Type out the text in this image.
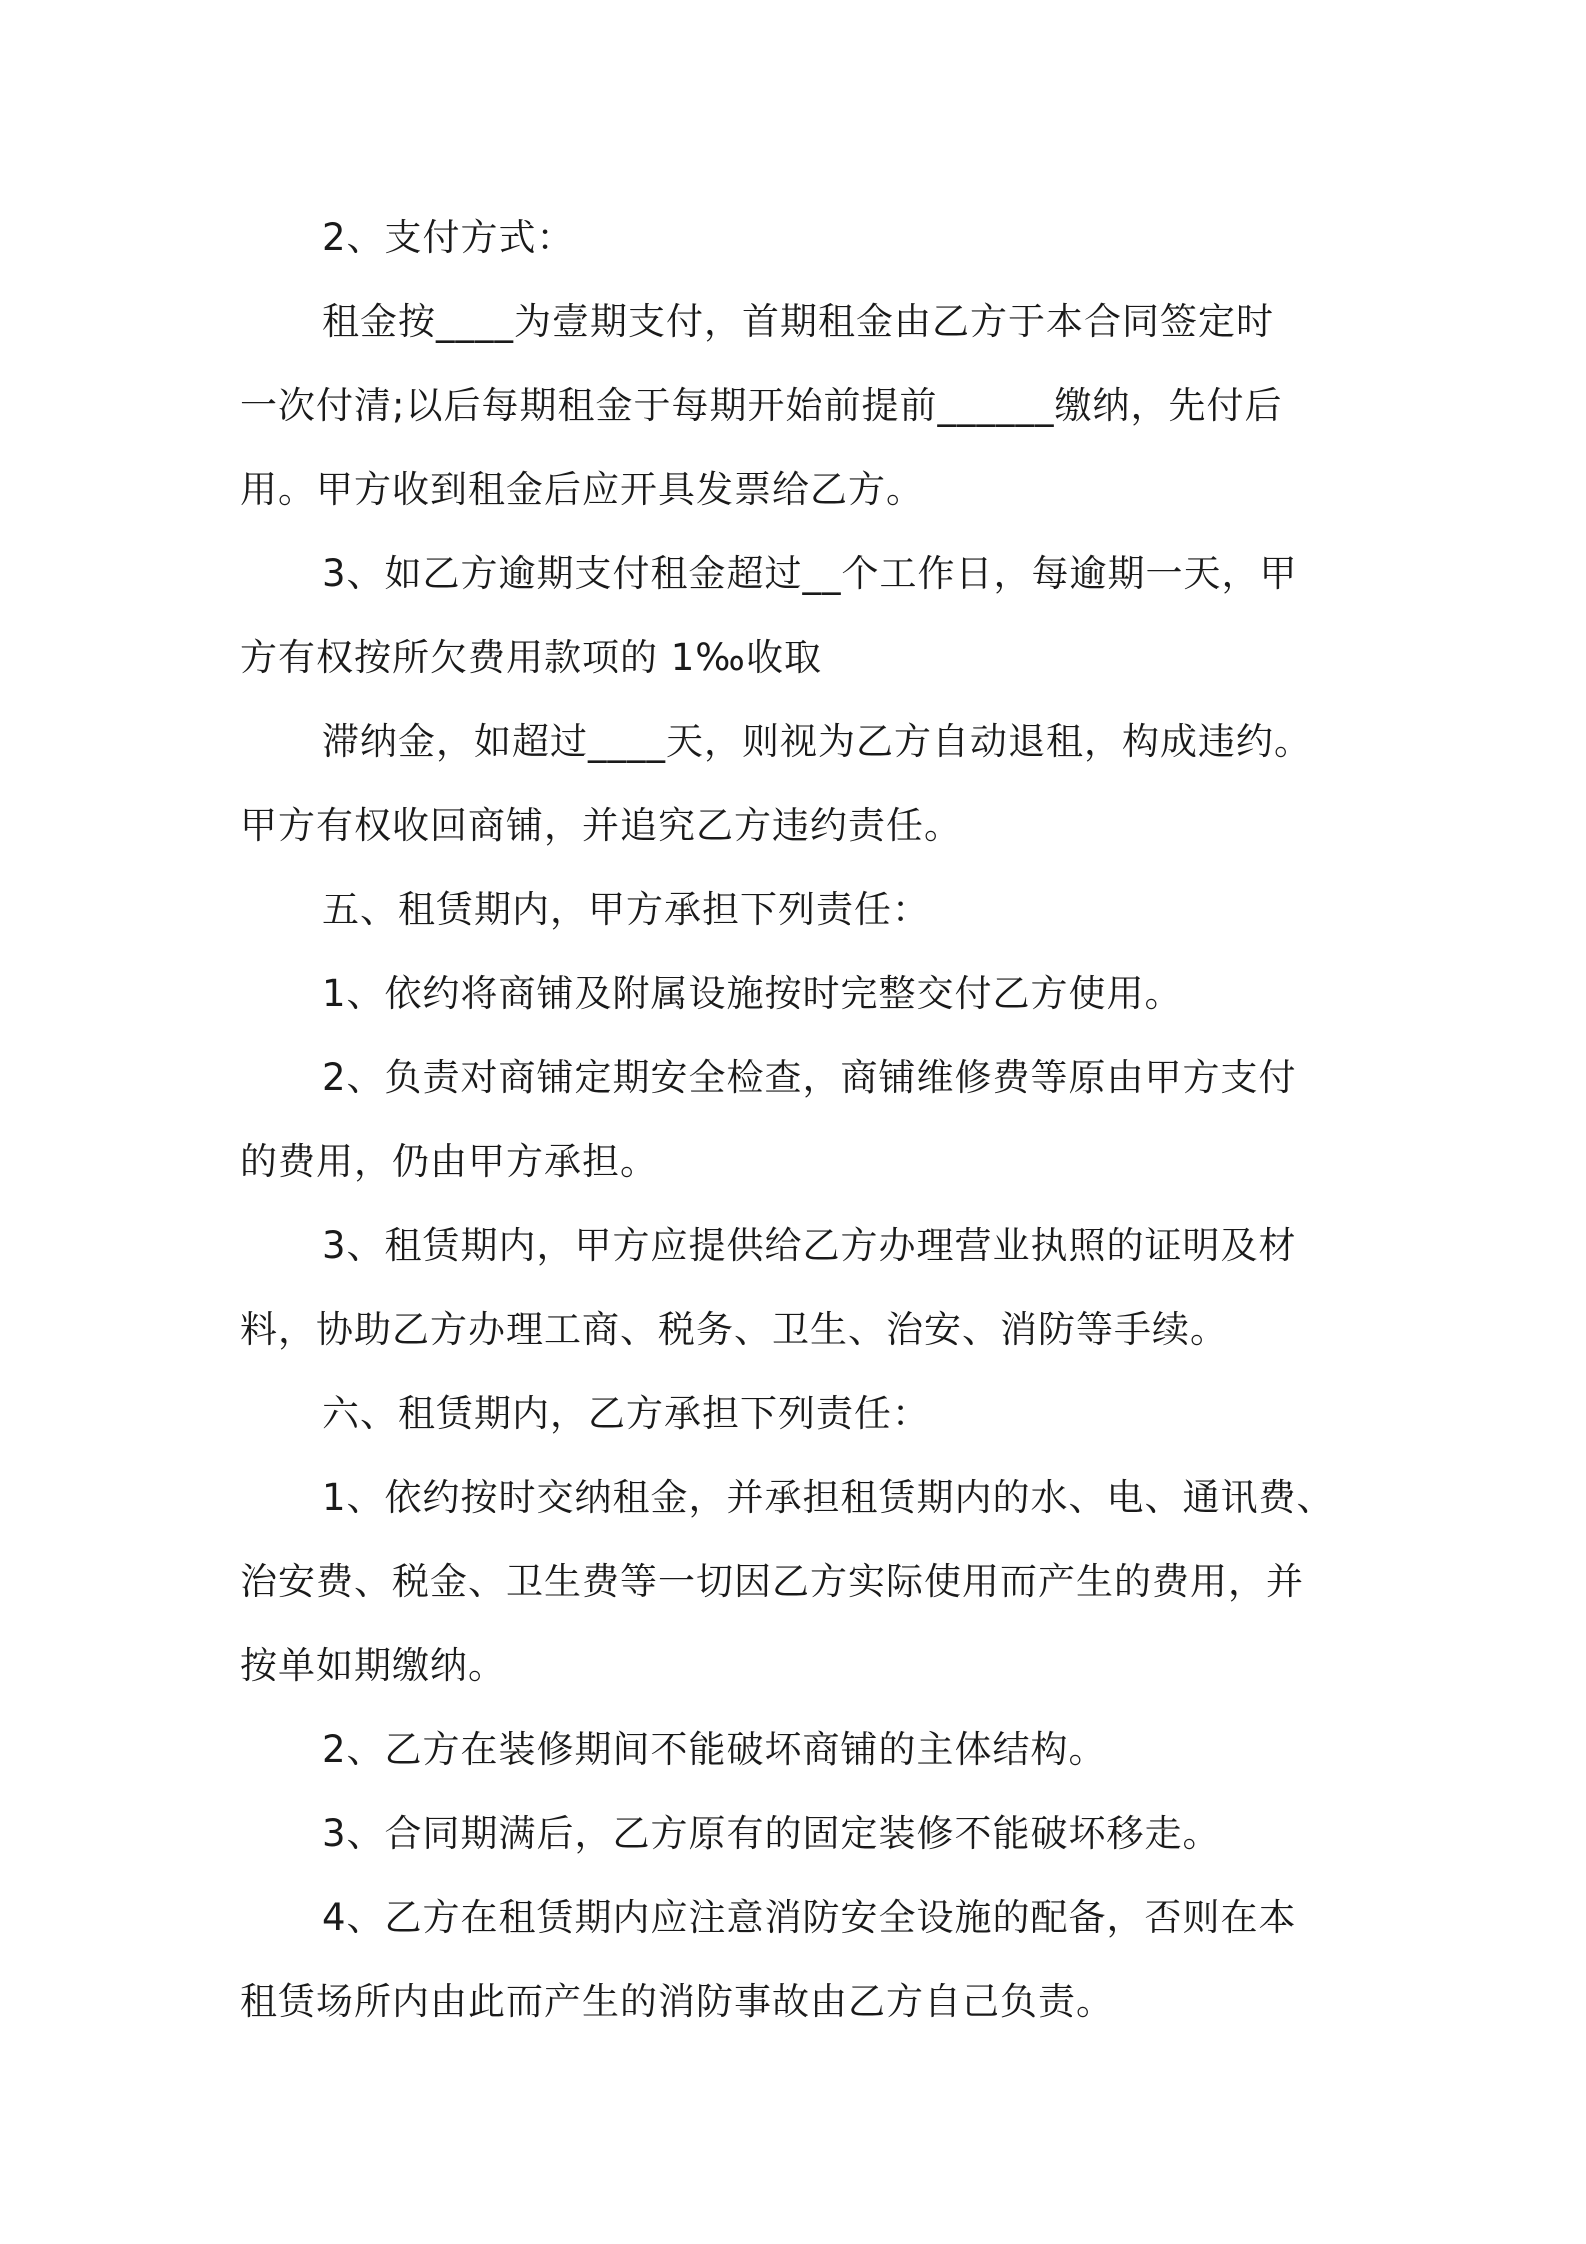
2、支付方式：

租金按____为壹期支付，首期租金由乙方于本合同签定时

一次付清;以后每期租金于每期开始前提前______缴纳，先付后

用。甲方收到租金后应开具发票给乙方。

3、如乙方逾期支付租金超过__个工作日，每逾期一天，甲

方有权按所欠费用款项的 1‰收取

滞纳金，如超过____天，则视为乙方自动退租，构成违约。

甲方有权收回商铺，并追究乙方违约责任。

五、租赁期内，甲方承担下列责任：

1、依约将商铺及附属设施按时完整交付乙方使用。

2、负责对商铺定期安全检查，商铺维修费等原由甲方支付

的费用，仍由甲方承担。

3、租赁期内，甲方应提供给乙方办理营业执照的证明及材

料，协助乙方办理工商、税务、卫生、治安、消防等手续。

六、租赁期内，乙方承担下列责任：

1、依约按时交纳租金，并承担租赁期内的水、电、通讯费、

治安费、税金、卫生费等一切因乙方实际使用而产生的费用，并

按单如期缴纳。

2、乙方在装修期间不能破坏商铺的主体结构。

3、合同期满后，乙方原有的固定装修不能破坏移走。

4、乙方在租赁期内应注意消防安全设施的配备，否则在本

租赁场所内由此而产生的消防事故由乙方自己负责。
